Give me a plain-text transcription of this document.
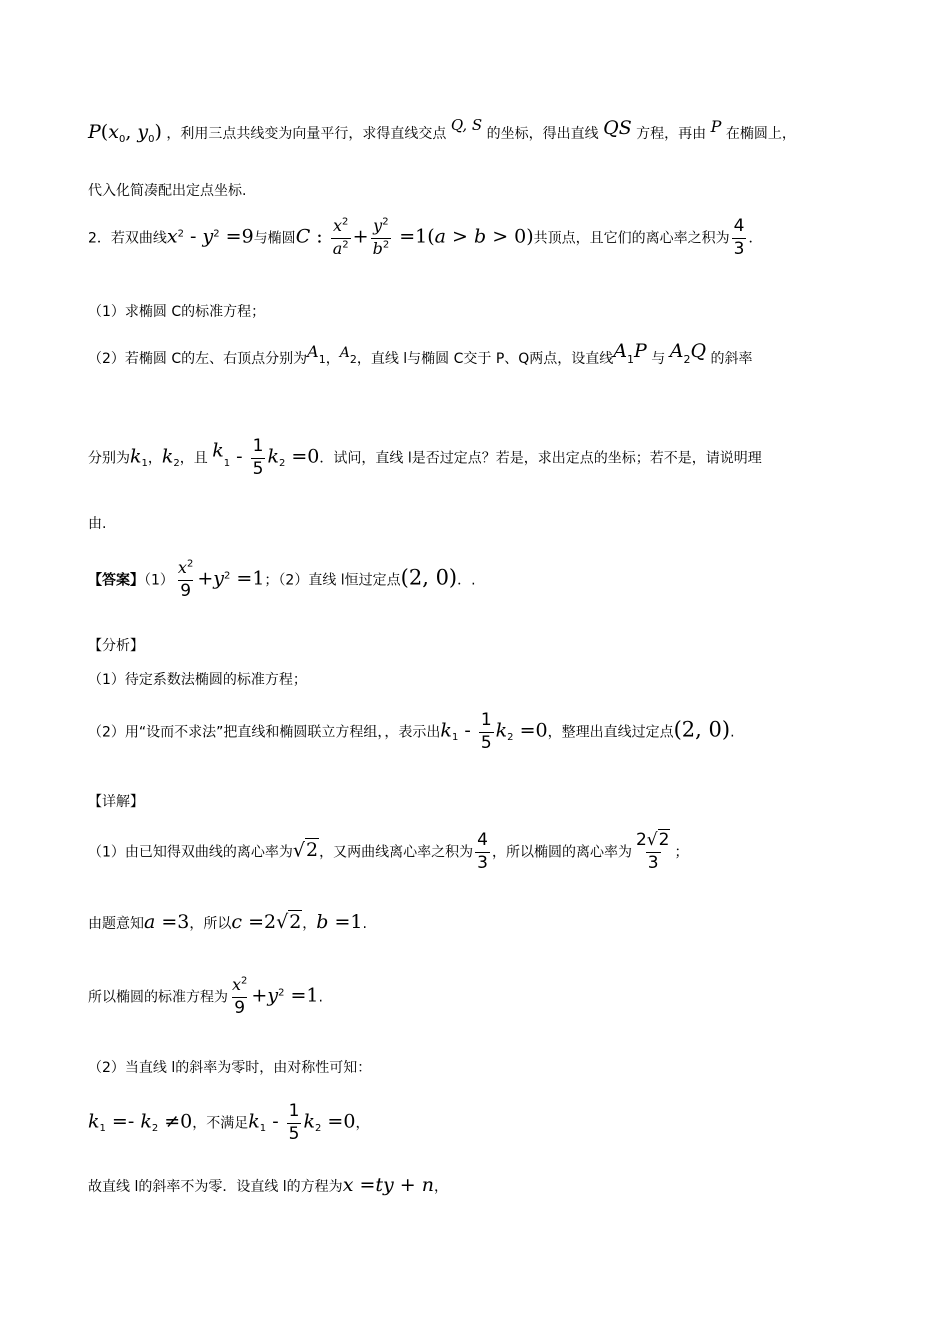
$P(x_0$, $y_0$) ，利用三点共线变为向量平行，求得直线交点 Q, S 的坐标，得出直线 QS 方程，再由 P 在椭圆上，
代入化简凑配出定点坐标.
2．若双曲线$x^2 - y^2 =9$与椭圆C : $\frac{x^2}{a^2} + \frac{y^2}{b^2} =1(a > b > 0)$共顶点，且它们的离心率之积为 $\frac{4}{3}$ ．
（1）求椭圆 C的标准方程；
（2）若椭圆 C的左、右顶点分别为A1，A2，直线 l与椭圆 C交于 P、Q两点，设直线A1P 与 A2Q 的斜率
分别为$k_1$，$k_2$，且 $k_1 - \frac{1}{5} k_2 =0$．试问，直线 l是否过定点？若是，求出定点的坐标；若不是，请说明理
由.
【答案】$(1) \frac{x^2}{9} +y^2 =1$；（2）直线 l恒过定点(2, 0)．.
【分析】
（1）待定系数法椭圆的标准方程；
（2）用“设而不求法”把直线和椭圆联立方程组，，表示出$k_1 - \frac{1}{5} k_2 =0$，整理出直线过定点(2, 0).
【详解】
（1）由已知得双曲线的离心率为√2，又两曲线离心率之积为 $\frac{4}{3}$ ，所以椭圆的离心率为 $\frac{2√2}{3}$ ；
由题意知a =3，所以c =2√2，b =1.
所以椭圆的标准方程为 $\frac{x^2}{9} +y^2 =1$.
（2）当直线 l的斜率为零时，由对称性可知：
$k_1 =- k_2 \ne 0$，不满足$k_1 - \frac{1}{5} k_2 =0$，
故直线 l的斜率不为零．设直线 l的方程为x =ty + n，
